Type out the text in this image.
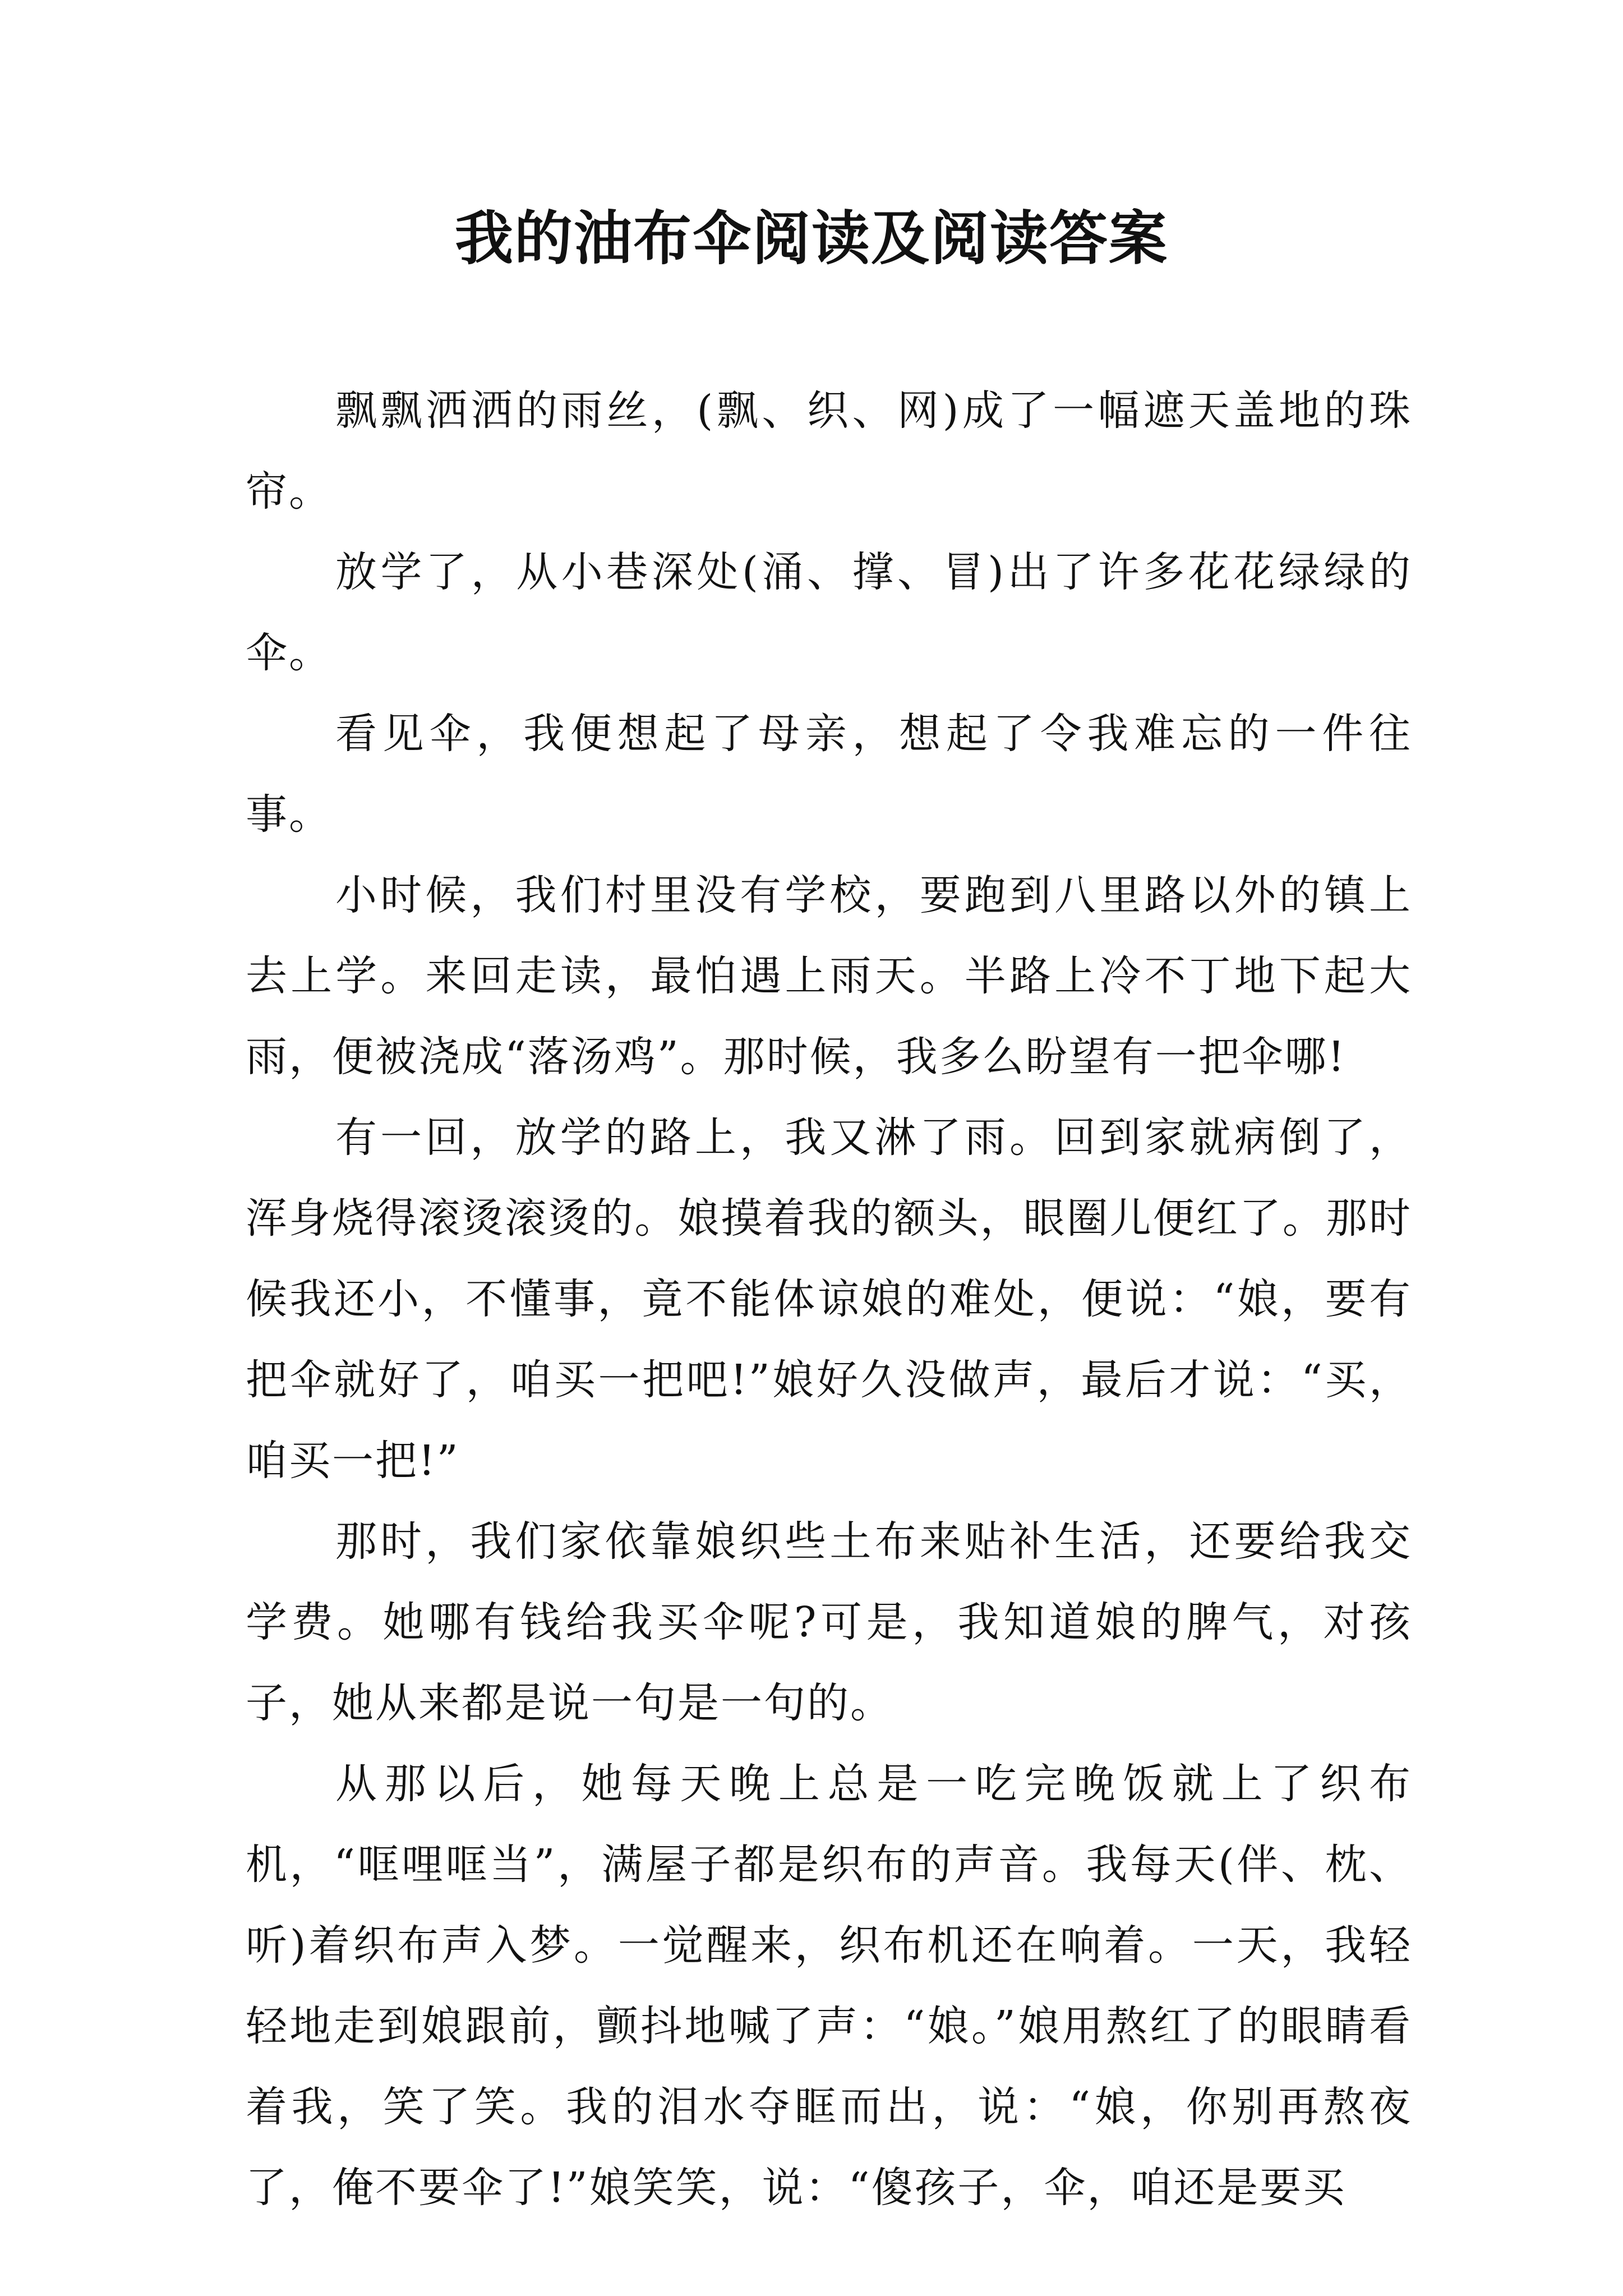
我的油布伞阅读及阅读答案

飘飘洒洒的雨丝，(飘、织、网)成了一幅遮天盖地的珠帘。

放学了，从小巷深处(涌、撑、冒)出了许多花花绿绿的伞。

看见伞，我便想起了母亲，想起了令我难忘的一件往事。

小时候，我们村里没有学校，要跑到八里路以外的镇上去上学。来回走读，最怕遇上雨天。半路上冷不丁地下起大雨，便被浇成“落汤鸡”。那时候，我多么盼望有一把伞哪!

有一回，放学的路上，我又淋了雨。回到家就病倒了，浑身烧得滚烫滚烫的。娘摸着我的额头，眼圈儿便红了。那时候我还小，不懂事，竟不能体谅娘的难处，便说：“娘，要有把伞就好了，咱买一把吧!”娘好久没做声，最后才说：“买，咱买一把!”

那时，我们家依靠娘织些土布来贴补生活，还要给我交学费。她哪有钱给我买伞呢?可是，我知道娘的脾气，对孩子，她从来都是说一句是一句的。

从那以后，她每天晚上总是一吃完晚饭就上了织布机，“哐哩哐当”，满屋子都是织布的声音。我每天(伴、枕、听)着织布声入梦。一觉醒来，织布机还在响着。一天，我轻轻地走到娘跟前，颤抖地喊了声：“娘。”娘用熬红了的眼睛看着我，笑了笑。我的泪水夺眶而出，说：“娘，你别再熬夜了，俺不要伞了!”娘笑笑，说：“傻孩子，伞，咱还是要买
